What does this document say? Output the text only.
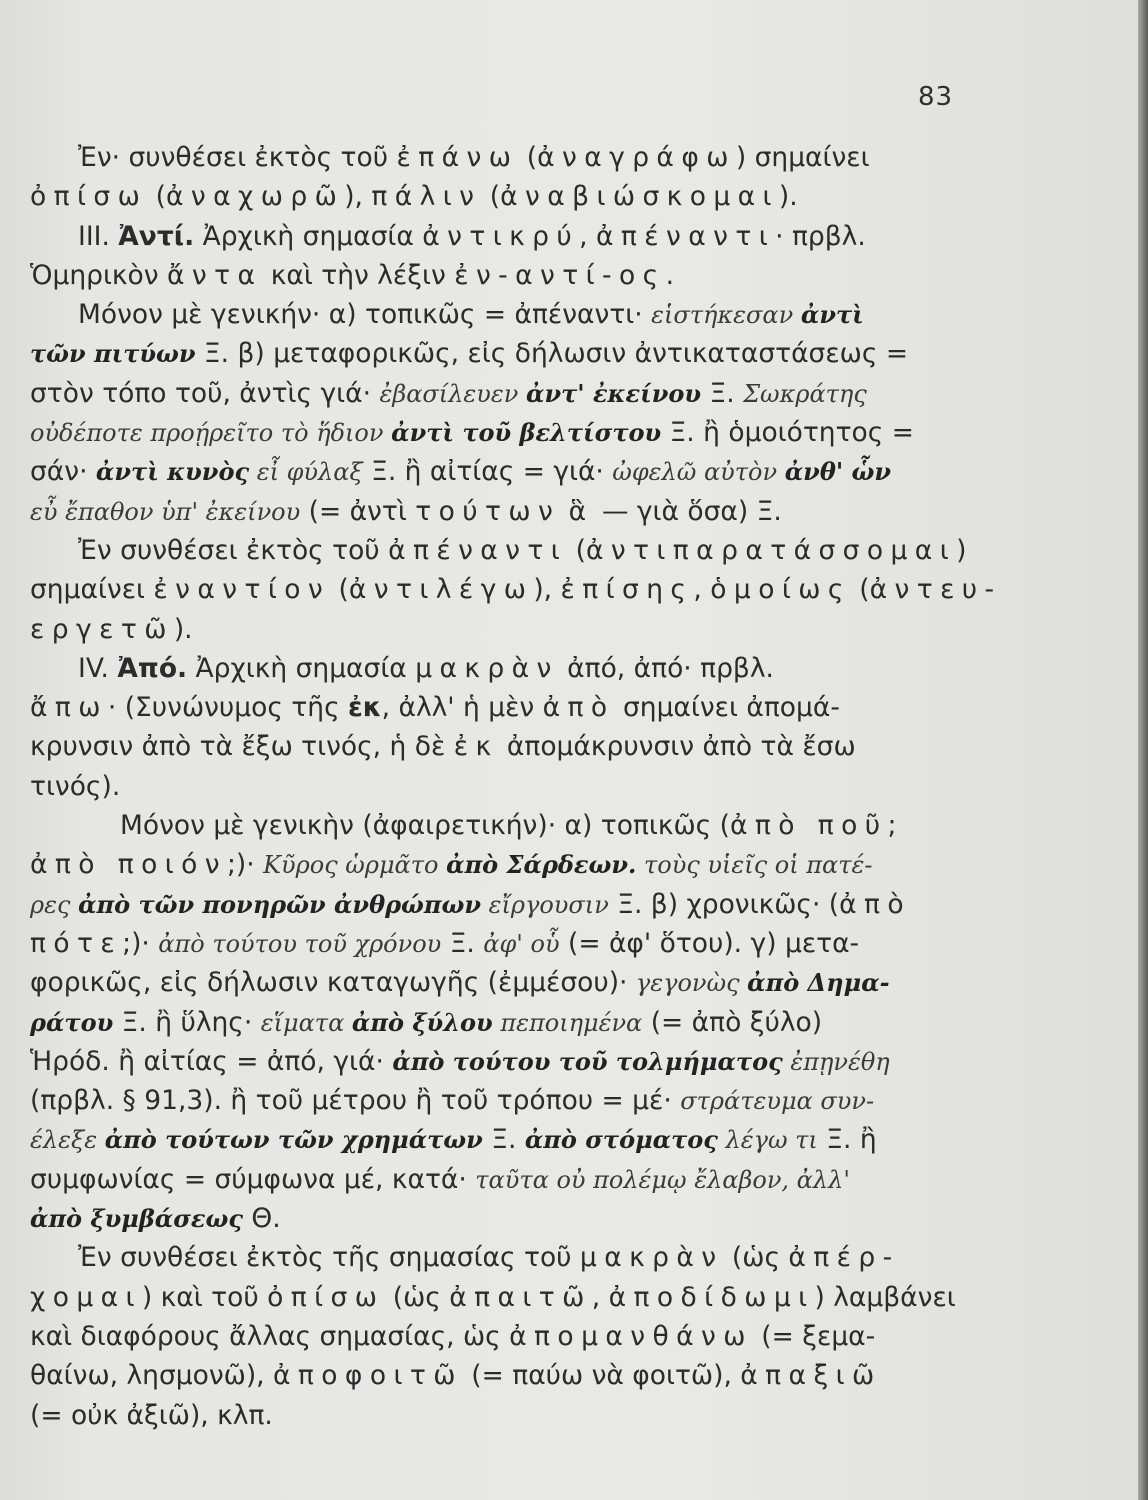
83
Ἐν· συνθέσει ἐκτὸς τοῦ ἐπάνω (ἀναγράφω) σημαίνει
ὀπίσω (ἀναχωρῶ), πάλιν (ἀναβιώσκομαι).
III. Ἀντί. Ἀρχικὴ σημασία ἀντικρύ, ἀπέναντι· πρβλ.
Ὁμηρικὸν ἄντα καὶ τὴν λέξιν ἐν-αντί-ος.
Μόνον μὲ γενικήν· α) τοπικῶς = ἀπέναντι· εἱστήκεσαν ἀντὶ
τῶν πιτύων Ξ. β) μεταφορικῶς, εἰς δήλωσιν ἀντικαταστάσεως =
στὸν τόπο τοῦ, ἀντὶς γιά· ἐβασίλευεν ἀντ' ἐκείνου Ξ. Σωκράτης
οὐδέποτε προῄρεῖτο τὸ ἥδιον ἀντὶ τοῦ βελτίστου Ξ. ἢ ὁμοιότητος =
σάν· ἀντὶ κυνὸς εἶ φύλαξ Ξ. ἢ αἰτίας = γιά· ὠφελῶ αὐτὸν ἀνθ' ὧν
εὖ ἔπαθον ὑπ' ἐκείνου (= ἀντὶ τούτων ἃ — γιὰ ὅσα) Ξ.
Ἐν συνθέσει ἐκτὸς τοῦ ἀπέναντι (ἀντιπαρατάσσομαι)
σημαίνει ἐναντίον (ἀντιλέγω), ἐπίσης, ὁμοίως (ἀντευ-
εργετῶ).
IV. Ἀπό. Ἀρχικὴ σημασία μακρὰν ἀπό, ἀπό· πρβλ.
ἄπω· (Συνώνυμος τῆς ἐκ, ἀλλ' ἡ μὲν ἀπὸ σημαίνει ἀπομά-
κρυνσιν ἀπὸ τὰ ἔξω τινός, ἡ δὲ ἐκ ἀπομάκρυνσιν ἀπὸ τὰ ἔσω
τινός).
Μόνον μὲ γενικὴν (ἀφαιρετικήν)· α) τοπικῶς (ἀπὸ ποῦ;
ἀπὸ ποιόν;)· Κῦρος ὡρμᾶτο ἀπὸ Σάρδεων. τοὺς υἱεῖς οἱ πατέ-
ρες ἀπὸ τῶν πονηρῶν ἀνθρώπων εἴργουσιν Ξ. β) χρονικῶς· (ἀπὸ
πότε;)· ἀπὸ τούτου τοῦ χρόνου Ξ. ἀφ' οὗ (= ἀφ' ὅτου). γ) μετα-
φορικῶς, εἰς δήλωσιν καταγωγῆς (ἐμμέσου)· γεγονὼς ἀπὸ Δημα-
ράτου Ξ. ἢ ὕλης· εἵματα ἀπὸ ξύλου πεποιημένα (= ἀπὸ ξύλο)
Ἡρόδ. ἢ αἰτίας = ἀπό, γιά· ἀπὸ τούτου τοῦ τολμήματος ἐπῃνέθη
(πρβλ. § 91,3). ἢ τοῦ μέτρου ἢ τοῦ τρόπου = μέ· στράτευμα συν-
έλεξε ἀπὸ τούτων τῶν χρημάτων Ξ. ἀπὸ στόματος λέγω τι Ξ. ἢ
συμφωνίας = σύμφωνα μέ, κατά· ταῦτα οὐ πολέμῳ ἔλαβον, ἀλλ'
ἀπὸ ξυμβάσεως Θ.
Ἐν συνθέσει ἐκτὸς τῆς σημασίας τοῦ μακρὰν (ὡς ἀπέρ-
χομαι) καὶ τοῦ ὀπίσω (ὡς ἀπαιτῶ, ἀποδίδωμι) λαμβάνει
καὶ διαφόρους ἄλλας σημασίας, ὡς ἀπομανθάνω (= ξεμα-
θαίνω, λησμονῶ), ἀποφοιτῶ (= παύω νὰ φοιτῶ), ἀπαξιῶ
(= οὐκ ἀξιῶ), κλπ.
